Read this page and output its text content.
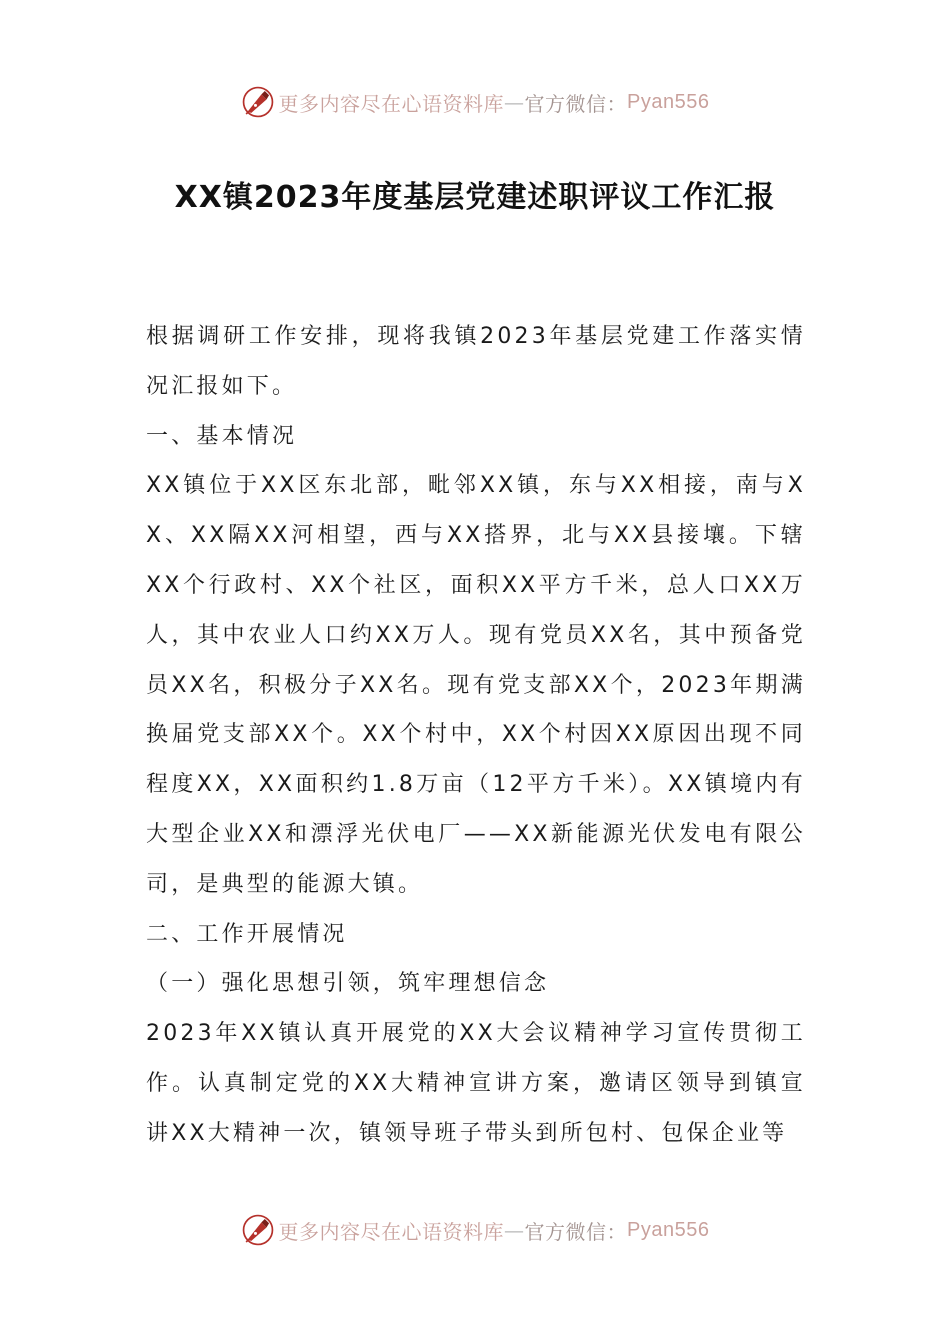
更多内容尽在心语资料库 — 官方微信： Pyan556
XX镇2023年度基层党建述职评议工作汇报

根据调研工作安排，现将我镇2023年基层党建工作落实情况汇报如下。

一、基本情况

XX镇位于XX区东北部，毗邻XX镇，东与XX相接，南与XX、XX隔XX河相望，西与XX搭界，北与XX县接壤。下辖XX个行政村、XX个社区，面积XX平方千米，总人口XX万人，其中农业人口约XX万人。现有党员XX名，其中预备党员XX名，积极分子XX名。现有党支部XX个，2023年期满换届党支部XX个。XX个村中，XX个村因XX原因出现不同程度XX，XX面积约1.8万亩（12平方千米）。XX镇境内有大型企业XX和漂浮光伏电厂——XX新能源光伏发电有限公司，是典型的能源大镇。

二、工作开展情况

（一）强化思想引领，筑牢理想信念

2023年XX镇认真开展党的XX大会议精神学习宣传贯彻工作。认真制定党的XX大精神宣讲方案，邀请区领导到镇宣讲XX大精神一次，镇领导班子带头到所包村、包保企业等

更多内容尽在心语资料库 — 官方微信： Pyan556
